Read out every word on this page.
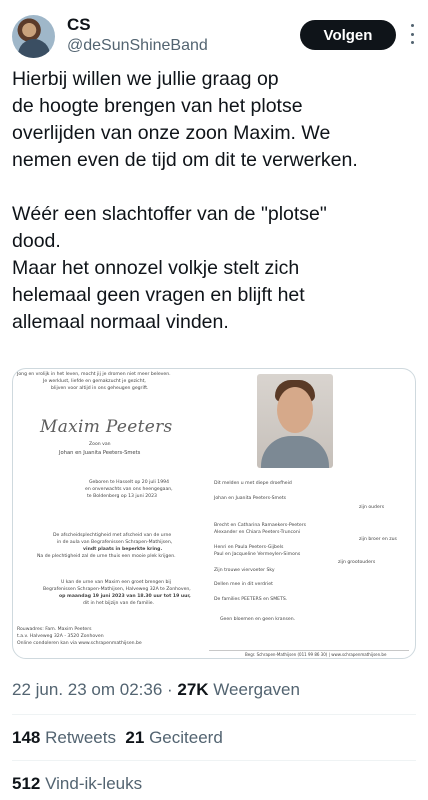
CS
@deSunShineBand
Volgen

Hierbij willen we jullie graag op

de hoogte brengen van het plotse

overlijden van onze zoon Maxim. We

nemen even de tijd om dit te verwerken.

Wéér een slachtoffer van de "plotse"

dood.

Maar het onnozel volkje stelt zich

helemaal geen vragen en blijft het

allemaal normaal vinden.

Jong en vrolijk in het leven, mocht jij je dromen niet meer beleven.
Je werklust, liefde en gemakzucht je gezicht,
blijven voor altijd in ons geheugen gegrift.
Maxim Peeters
Zoon van
Johan en Juanita Peeters-Smets
Geboren te Hasselt op 20 juli 1994
en onverwachts van ons heengegaan,
te Boldenberg op 13 juni 2023
De afscheidsplechtigheid met afscheid van de urne
in de aula van Begrafenissen Schrapen-Mathijsen,
vindt plaats in beperkte kring.
Na de plechtigheid zal de urne thuis een mooie plek krijgen.
U kan de urne van Maxim een groet brengen bij
Begrafenissen Schrapen-Mathijsen, Halveweg 32A te Zonhoven,
op maandag 19 juni 2023 van 18.30 uur tot 19 uur,
dit in het bijzijn van de familie.
Rouwadres: Fam. Maxim Peeters
t.a.v. Halveweg 32A - 3520 Zonhoven
Online condoleren kan via www.schrapenmathijsen.be
Dit melden u met diepe droefheid
Johan en Juanita Peeters-Smets
zijn ouders
Brecht en Catharina Ramaekers-Peeters
Alexander en Chiara Peeters-Trunconi
zijn broer en zus
Henri en Paula Peeters-Gijbels
Paul en Jacqueline Vermeylen-Simons
zijn grootouders
Zijn trouwe viervoeter Sky
Dellen mee in dit verdriet
De families PEETERS en SMETS.
Geen bloemen en geen kransen.
Begr. Schrapen-Mathijsen (011 99 86 30) | www.schrapenmathijsen.be
22 jun. 23 om 02:36 · 27K Weergaven
148 Retweets 21 Geciteerd
512 Vind-ik-leuks
